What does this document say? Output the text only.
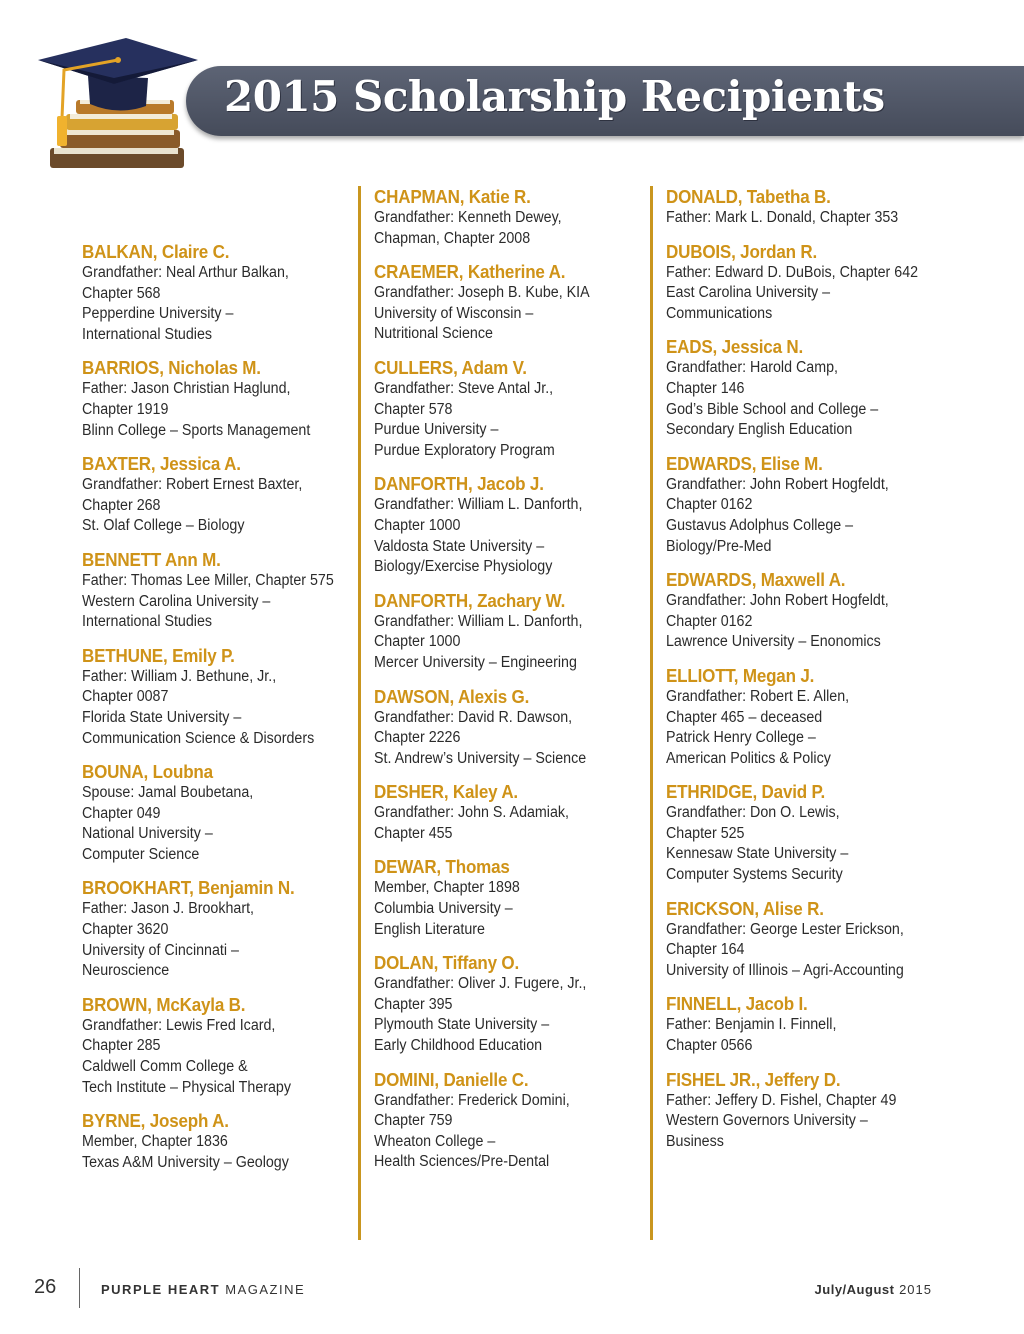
2015 Scholarship Recipients
BALKAN, Claire C.
Grandfather: Neal Arthur Balkan,
Chapter 568
Pepperdine University –
International Studies
BARRIOS, Nicholas M.
Father: Jason Christian Haglund,
Chapter 1919
Blinn College – Sports Management
BAXTER, Jessica A.
Grandfather: Robert Ernest Baxter,
Chapter 268
St. Olaf College – Biology
BENNETT Ann M.
Father: Thomas Lee Miller, Chapter 575
Western Carolina University –
International Studies
BETHUNE, Emily P.
Father: William J. Bethune, Jr.,
Chapter 0087
Florida State University –
Communication Science & Disorders
BOUNA, Loubna
Spouse: Jamal Boubetana,
Chapter 049
National University –
Computer Science
BROOKHART, Benjamin N.
Father: Jason J. Brookhart,
Chapter 3620
University of Cincinnati –
Neuroscience
BROWN, McKayla B.
Grandfather: Lewis Fred Icard,
Chapter 285
Caldwell Comm College &
Tech Institute – Physical Therapy
BYRNE, Joseph A.
Member, Chapter 1836
Texas A&M University – Geology
CHAPMAN, Katie R.
Grandfather: Kenneth Dewey,
Chapman, Chapter 2008
CRAEMER, Katherine A.
Grandfather: Joseph B. Kube, KIA
University of Wisconsin –
Nutritional Science
CULLERS, Adam V.
Grandfather: Steve Antal Jr.,
Chapter 578
Purdue University –
Purdue Exploratory Program
DANFORTH, Jacob J.
Grandfather: William L. Danforth,
Chapter 1000
Valdosta State University –
Biology/Exercise Physiology
DANFORTH, Zachary W.
Grandfather: William L. Danforth,
Chapter 1000
Mercer University – Engineering
DAWSON, Alexis G.
Grandfather: David R. Dawson,
Chapter 2226
St. Andrew’s University – Science
DESHER, Kaley A.
Grandfather: John S. Adamiak,
Chapter 455
DEWAR, Thomas
Member, Chapter 1898
Columbia University –
English Literature
DOLAN, Tiffany O.
Grandfather: Oliver J. Fugere, Jr.,
Chapter 395
Plymouth State University –
Early Childhood Education
DOMINI, Danielle C.
Grandfather: Frederick Domini,
Chapter 759
Wheaton College –
Health Sciences/Pre-Dental
DONALD, Tabetha B.
Father: Mark L. Donald, Chapter 353
DUBOIS, Jordan R.
Father: Edward D. DuBois, Chapter 642
East Carolina University –
Communications
EADS, Jessica N.
Grandfather: Harold Camp,
Chapter 146
God’s Bible School and College –
Secondary English Education
EDWARDS, Elise M.
Grandfather: John Robert Hogfeldt,
Chapter 0162
Gustavus Adolphus College –
Biology/Pre-Med
EDWARDS, Maxwell A.
Grandfather: John Robert Hogfeldt,
Chapter 0162
Lawrence University – Enonomics
ELLIOTT, Megan J.
Grandfather: Robert E. Allen,
Chapter 465 – deceased
Patrick Henry College –
American Politics & Policy
ETHRIDGE, David P.
Grandfather: Don O. Lewis,
Chapter 525
Kennesaw State University –
Computer Systems Security
ERICKSON, Alise R.
Grandfather: George Lester Erickson,
Chapter 164
University of Illinois – Agri-Accounting
FINNELL, Jacob I.
Father: Benjamin I. Finnell,
Chapter 0566
FISHEL JR., Jeffery D.
Father: Jeffery D. Fishel, Chapter 49
Western Governors University –
Business
26	PURPLE HEART MAGAZINE	July/August 2015
